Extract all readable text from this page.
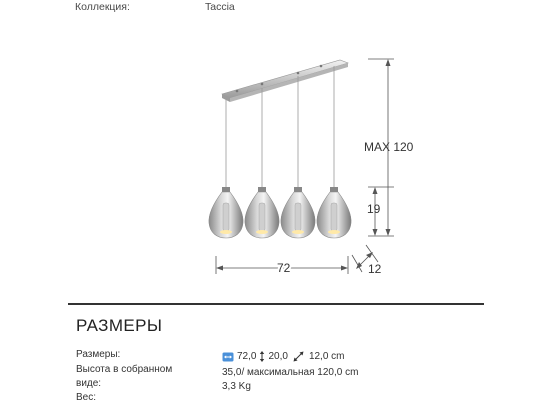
Коллекция:	Taccia
MAX 120
19
72	12
РАЗМЕРЫ
Размеры:
Высота в собранном
виде:
Вес:
72,0 20,0 12,0 cm
35,0/ максимальная 120,0 cm
3,3 Kg
